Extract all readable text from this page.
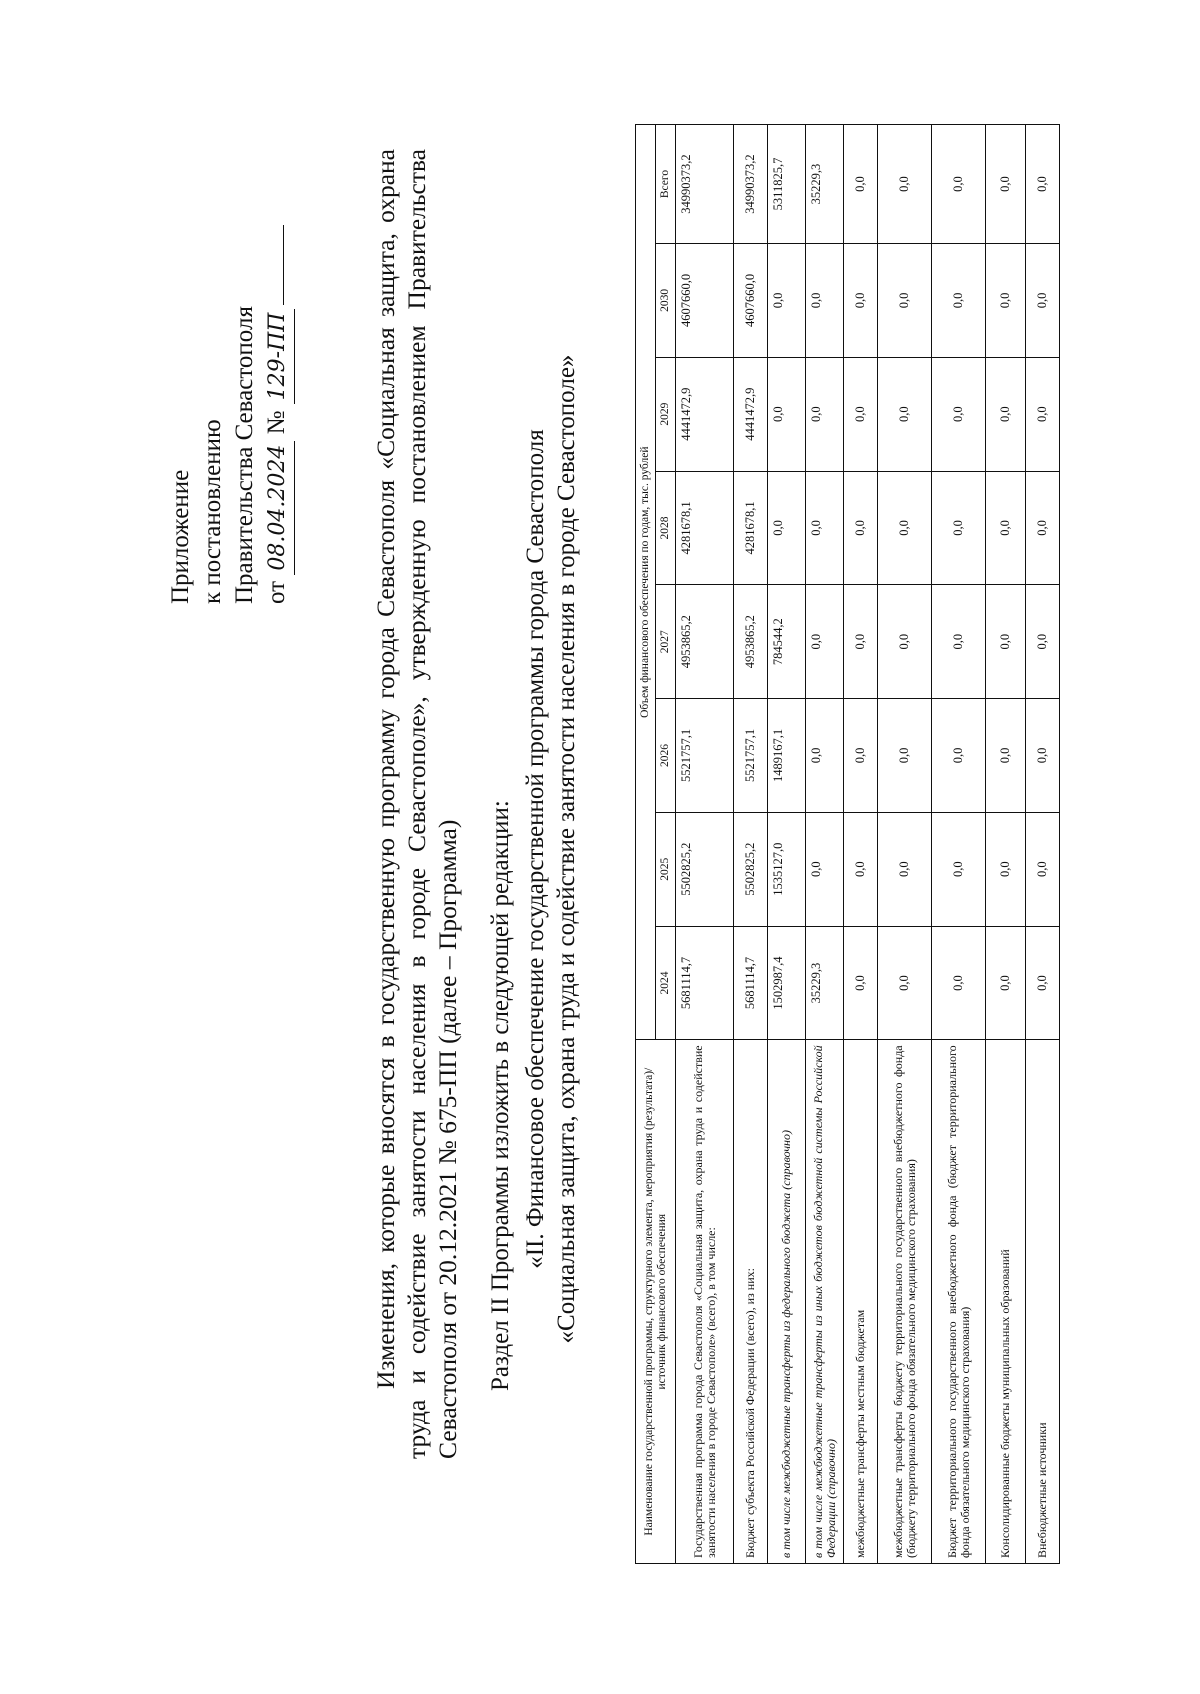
Приложение к постановлению Правительства Севастополя от 08.04.2024 № 129-ПП	Изменения, которые вносятся в государственную программу города Севастополя «Социальная защита, охрана труда и содействие занятости населения в городе Севастополе», утвержденную постановлением Правительства Севастополя от 20.12.2021 № 675-ПП (далее – Программа) Раздел II Программы изложить в следующей редакции: «II. Финансовое обеспечение государственной программы города Севастополя «Социальная защита, охрана труда и содействие занятости населения в городе Севастополе»	Наименование государственной программы, структурного элемента, мероприятия (результата)/источник финансового обеспечения	Объем финансового обеспечения по годам, тыс. рублей							
	2024	2025	2026	2027	2028	2029	2030	Всего
Государственная программа города Севастополя «Социальная защита, охрана труда и содействие занятости населения в городе Севастополе» (всего), в том числе:	5681114,7	5502825,2	5521757,1	4953865,2	4281678,1	4441472,9	4607660,0	34990373,2
Бюджет субъекта Российской Федерации (всего), из них:	5681114,7	5502825,2	5521757,1	4953865,2	4281678,1	4441472,9	4607660,0	34990373,2
в том числе межбюджетные трансферты из федерального бюджета (справочно)	1502987,4	1535127,0	1489167,1	784544,2	0,0	0,0	0,0	5311825,7
в том числе межбюджетные трансферты из иных бюджетов бюджетной системы Российской Федерации (справочно)	35229,3	0,0	0,0	0,0	0,0	0,0	0,0	35229,3
межбюджетные трансферты местным бюджетам	0,0	0,0	0,0	0,0	0,0	0,0	0,0	0,0
межбюджетные трансферты бюджету территориального государственного внебюджетного фонда (бюджету территориального фонда обязательного медицинского страхования)	0,0	0,0	0,0	0,0	0,0	0,0	0,0	0,0
Бюджет территориального государственного внебюджетного фонда (бюджет территориального фонда обязательного медицинского страхования)	0,0	0,0	0,0	0,0	0,0	0,0	0,0	0,0
Консолидированные бюджеты муниципальных образований	0,0	0,0	0,0	0,0	0,0	0,0	0,0	0,0
Внебюджетные источники	0,0	0,0	0,0	0,0	0,0	0,0	0,0	0,0
